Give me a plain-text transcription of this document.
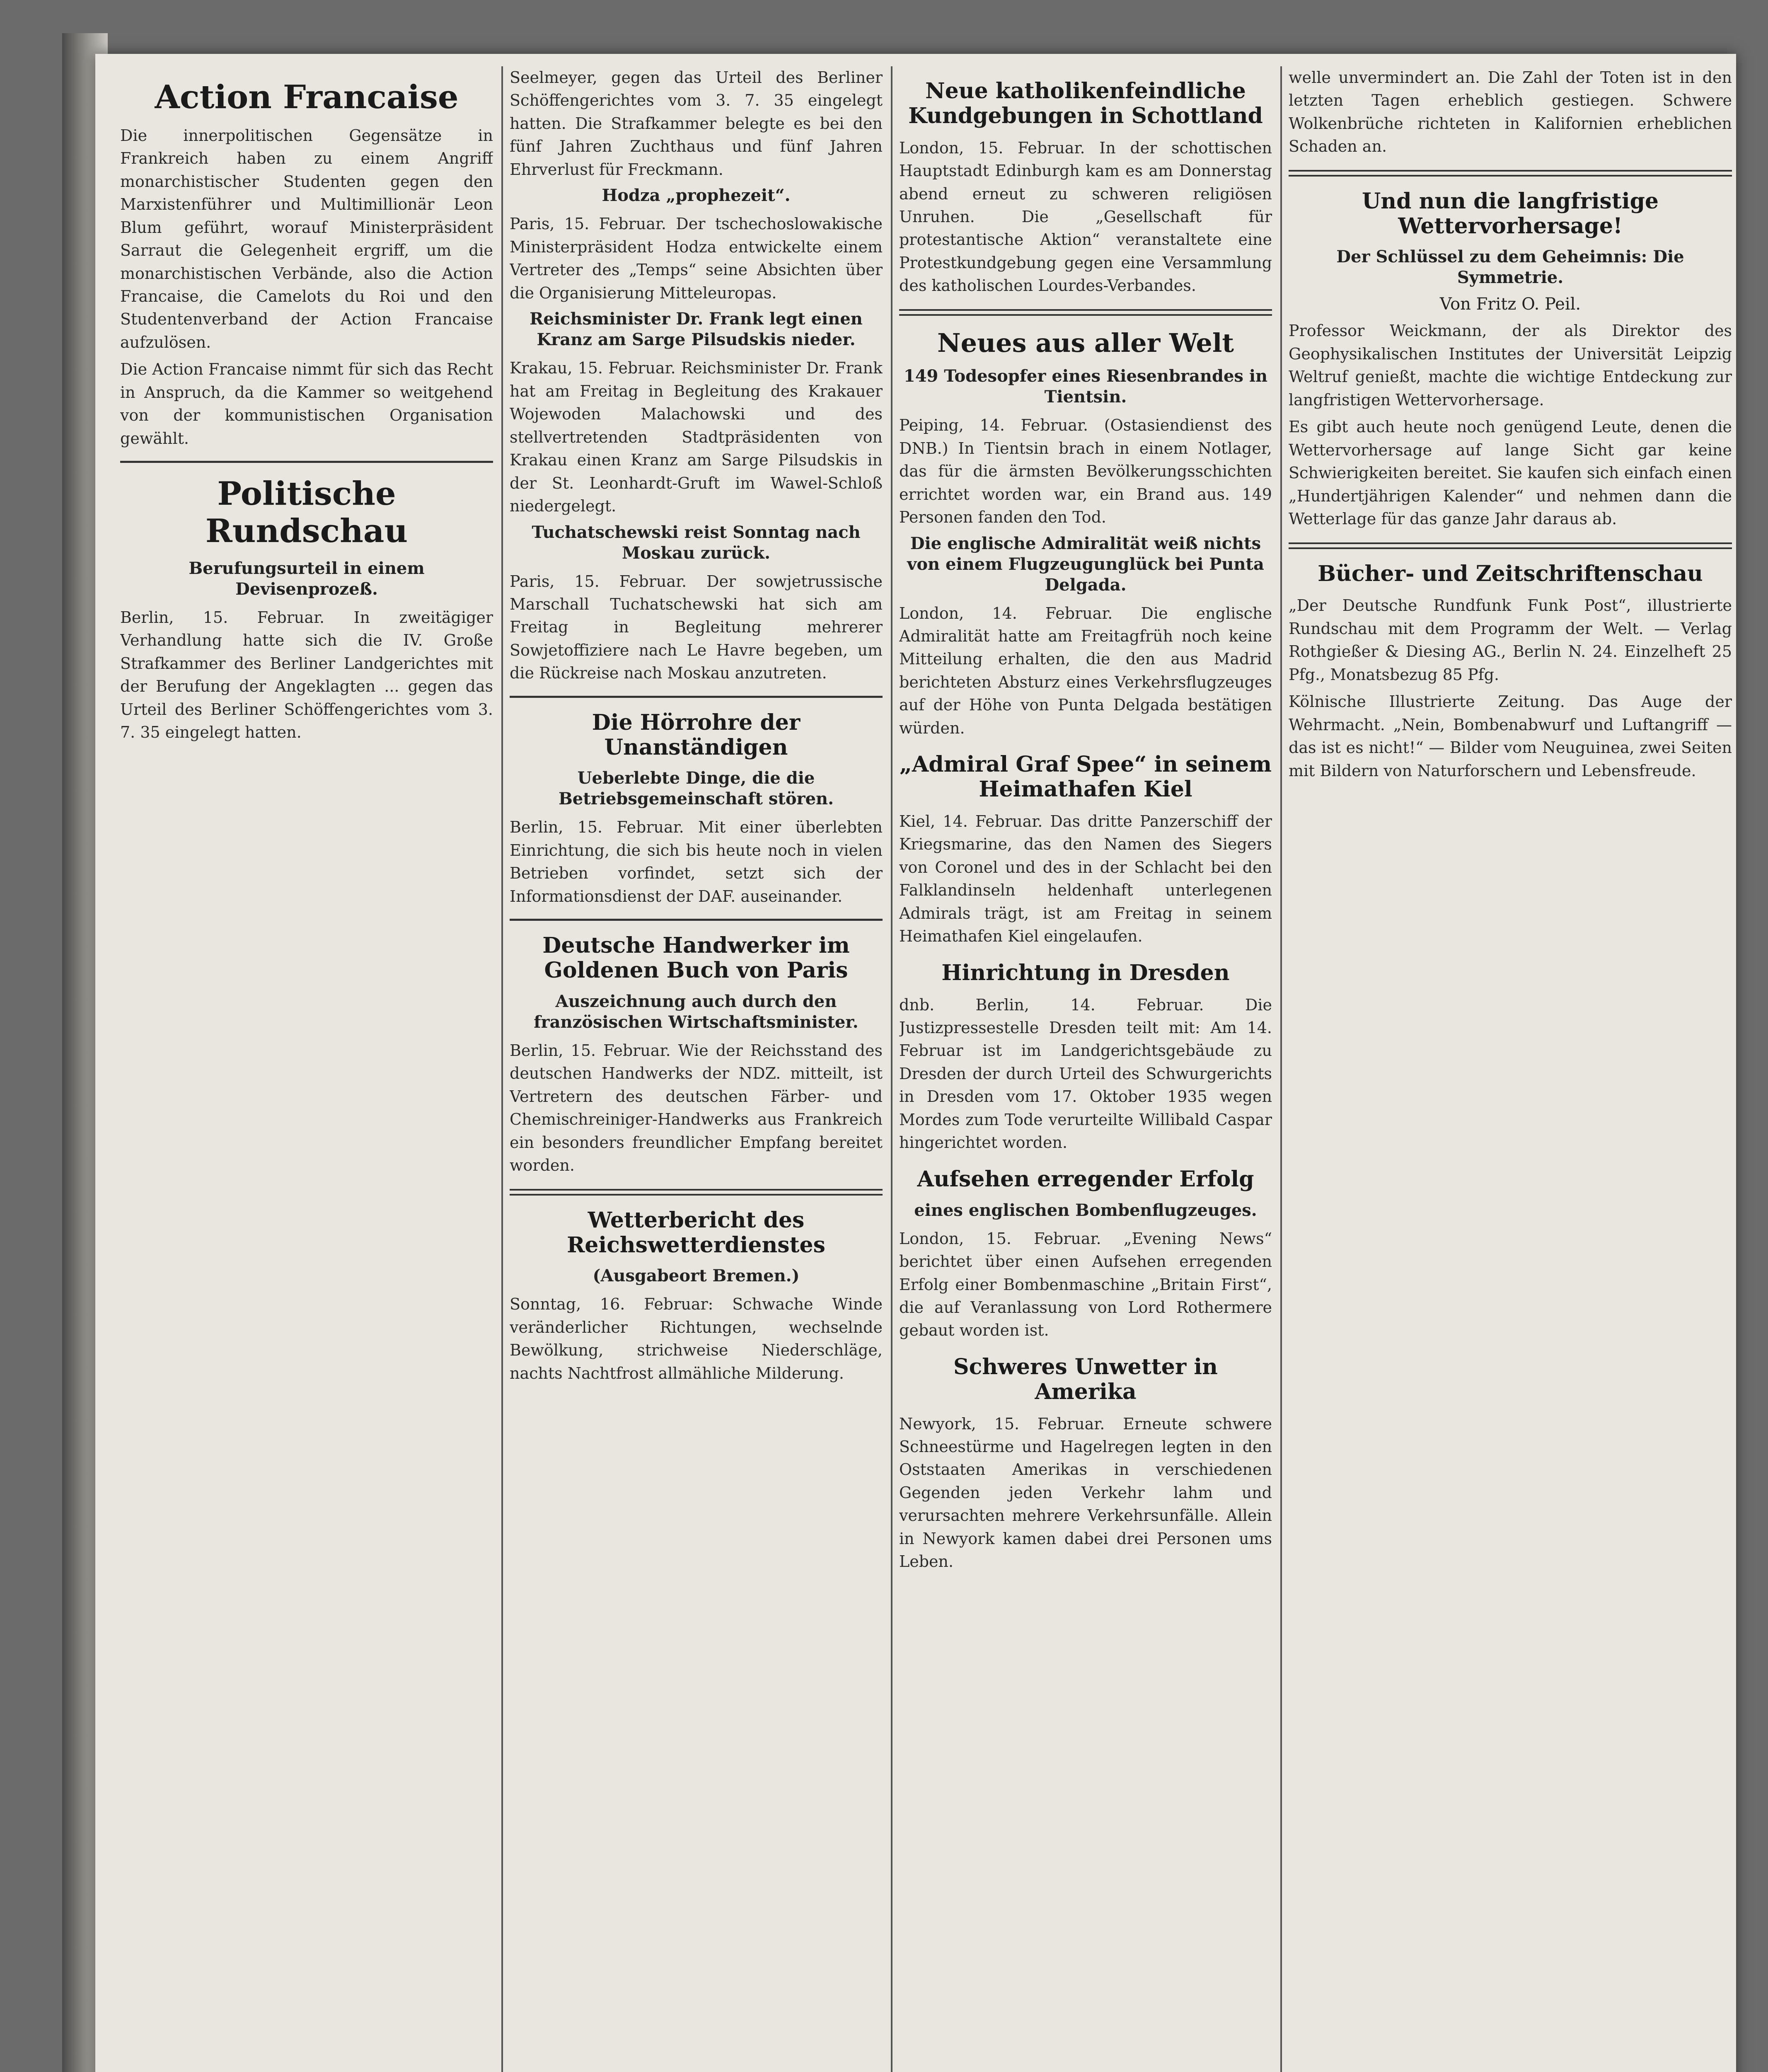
Action Francaise

Die innerpolitischen Gegensätze in Frankreich haben zu einem Angriff monarchistischer Studenten gegen den Marxistenführer und Multimillionär Leon Blum geführt, worauf Ministerpräsident Sarraut die Gelegenheit ergriff, um die monarchistischen Verbände, also die Action Francaise, die Camelots du Roi und den Studentenverband der Action Francaise aufzulösen.

Die Action Francaise nimmt für sich das Recht in Anspruch, da die Kammer so weitgehend von der kommunistischen Organisation gewählt.

Politische Rundschau
Berufungsurteil in einem Devisenprozeß.

Berlin, 15. Februar. In zweitägiger Verhandlung hatte sich die IV. Große Strafkammer des Berliner Landgerichtes mit der Berufung der Angeklagten ... gegen das Urteil des Berliner Schöffengerichtes vom 3. 7. 35 eingelegt hatten.

Seelmeyer, gegen das Urteil des Berliner Schöffengerichtes vom 3. 7. 35 eingelegt hatten. Die Strafkammer belegte es bei den fünf Jahren Zuchthaus und fünf Jahren Ehrverlust für Freckmann.

Hodza „prophezeit“.

Paris, 15. Februar. Der tschechoslowakische Ministerpräsident Hodza entwickelte einem Vertreter des „Temps“ seine Absichten über die Organisierung Mitteleuropas.

Reichsminister Dr. Frank legt einen Kranz am Sarge Pilsudskis nieder.

Krakau, 15. Februar. Reichsminister Dr. Frank hat am Freitag in Begleitung des Krakauer Wojewoden Malachowski und des stellvertretenden Stadtpräsidenten von Krakau einen Kranz am Sarge Pilsudskis in der St. Leonhardt-Gruft im Wawel-Schloß niedergelegt.

Tuchatschewski reist Sonntag nach Moskau zurück.

Paris, 15. Februar. Der sowjetrussische Marschall Tuchatschewski hat sich am Freitag in Begleitung mehrerer Sowjetoffiziere nach Le Havre begeben, um die Rückreise nach Moskau anzutreten.

Die Hörrohre der Unanständigen
Ueberlebte Dinge, die die Betriebsgemeinschaft stören.

Berlin, 15. Februar. Mit einer überlebten Einrichtung, die sich bis heute noch in vielen Betrieben vorfindet, setzt sich der Informationsdienst der DAF. auseinander.

Deutsche Handwerker im Goldenen Buch von Paris
Auszeichnung auch durch den französischen Wirtschaftsminister.

Berlin, 15. Februar. Wie der Reichsstand des deutschen Handwerks der NDZ. mitteilt, ist Vertretern des deutschen Färber- und Chemischreiniger-Handwerks aus Frankreich ein besonders freundlicher Empfang bereitet worden.

Wetterbericht des Reichswetterdienstes
(Ausgabeort Bremen.)

Sonntag, 16. Februar: Schwache Winde veränderlicher Richtungen, wechselnde Bewölkung, strichweise Niederschläge, nachts Nachtfrost allmähliche Milderung.

Neue katholikenfeindliche Kundgebungen in Schottland

London, 15. Februar. In der schottischen Hauptstadt Edinburgh kam es am Donnerstag abend erneut zu schweren religiösen Unruhen. Die „Gesellschaft für protestantische Aktion“ veranstaltete eine Protestkundgebung gegen eine Versammlung des katholischen Lourdes-Verbandes.

Neues aus aller Welt
149 Todesopfer eines Riesenbrandes in Tientsin.

Peiping, 14. Februar. (Ostasiendienst des DNB.) In Tientsin brach in einem Notlager, das für die ärmsten Bevölkerungsschichten errichtet worden war, ein Brand aus. 149 Personen fanden den Tod.

Die englische Admiralität weiß nichts von einem Flugzeugunglück bei Punta Delgada.

London, 14. Februar. Die englische Admiralität hatte am Freitagfrüh noch keine Mitteilung erhalten, die den aus Madrid berichteten Absturz eines Verkehrsflugzeuges auf der Höhe von Punta Delgada bestätigen würden.

„Admiral Graf Spee“ in seinem Heimathafen Kiel

Kiel, 14. Februar. Das dritte Panzerschiff der Kriegsmarine, das den Namen des Siegers von Coronel und des in der Schlacht bei den Falklandinseln heldenhaft unterlegenen Admirals trägt, ist am Freitag in seinem Heimathafen Kiel eingelaufen.

Hinrichtung in Dresden

dnb. Berlin, 14. Februar. Die Justizpressestelle Dresden teilt mit: Am 14. Februar ist im Landgerichtsgebäude zu Dresden der durch Urteil des Schwurgerichts in Dresden vom 17. Oktober 1935 wegen Mordes zum Tode verurteilte Willibald Caspar hingerichtet worden.

Aufsehen erregender Erfolg
eines englischen Bombenflugzeuges.

London, 15. Februar. „Evening News“ berichtet über einen Aufsehen erregenden Erfolg einer Bombenmaschine „Britain First“, die auf Veranlassung von Lord Rothermere gebaut worden ist.

Schweres Unwetter in Amerika

Newyork, 15. Februar. Erneute schwere Schneestürme und Hagelregen legten in den Oststaaten Amerikas in verschiedenen Gegenden jeden Verkehr lahm und verursachten mehrere Verkehrsunfälle. Allein in Newyork kamen dabei drei Personen ums Leben.

welle unvermindert an. Die Zahl der Toten ist in den letzten Tagen erheblich gestiegen. Schwere Wolkenbrüche richteten in Kalifornien erheblichen Schaden an.

Und nun die langfristige Wettervorhersage!
Der Schlüssel zu dem Geheimnis: Die Symmetrie.
Von Fritz O. Peil.

Professor Weickmann, der als Direktor des Geophysikalischen Institutes der Universität Leipzig Weltruf genießt, machte die wichtige Entdeckung zur langfristigen Wettervorhersage.

Es gibt auch heute noch genügend Leute, denen die Wettervorhersage auf lange Sicht gar keine Schwierigkeiten bereitet. Sie kaufen sich einfach einen „Hundertjährigen Kalender“ und nehmen dann die Wetterlage für das ganze Jahr daraus ab.

Bücher- und Zeitschriftenschau

„Der Deutsche Rundfunk Funk Post“, illustrierte Rundschau mit dem Programm der Welt. — Verlag Rothgießer & Diesing AG., Berlin N. 24. Einzelheft 25 Pfg., Monatsbezug 85 Pfg.

Kölnische Illustrierte Zeitung. Das Auge der Wehrmacht. „Nein, Bombenabwurf und Luftangriff — das ist es nicht!“ — Bilder vom Neuguinea, zwei Seiten mit Bildern von Naturforschern und Lebensfreude.
